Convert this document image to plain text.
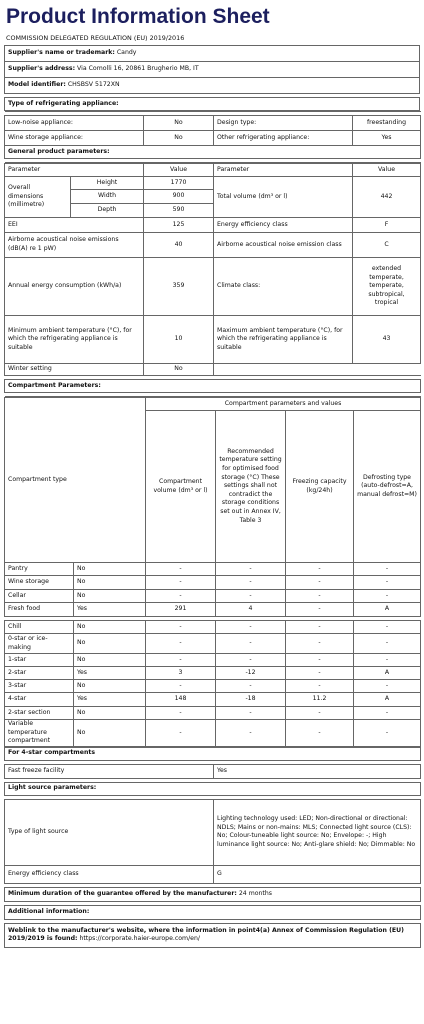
Product Information Sheet
COMMISSION DELEGATED REGULATION (EU) 2019/2016
Supplier's name or trademark: Candy
Supplier's address: Via Comolli 16, 20861 Brugherio MB, IT
Model identifier: CHSBSV 5172XN

Type of refrigerating appliance:

Low-noise appliance:	No	Design type:	freestanding
Wine storage appliance:	No	Other refrigerating appliance:	Yes
General product parameters:			

Parameter		Value	Parameter	Value
Overall dimensions (millimetre)	Height	1770	Total volume (dm³ or l)	442
	Width	900		
	Depth	590		
EEI		125	Energy efficiency class	F
Airborne acoustical noise emissions (dB(A) re 1 pW)		40	Airborne acoustical noise emission class	C
Annual energy consumption (kWh/a)		359	Climate class:	extended temperate, temperate, subtropical, tropical
Minimum ambient temperature (°C), for which the refrigerating appliance is suitable		10	Maximum ambient temperature (°C), for which the refrigerating appliance is suitable	43
Winter setting		No		

Compartment Parameters:				

Compartment type		Compartment parameters and values			
		Compartment volume (dm³ or l)	Recommended temperature setting for optimised food storage (°C) These settings shall not contradict the storage conditions set out in Annex IV, Table 3	Freezing capacity (kg/24h)	Defrosting type (auto-defrost=A, manual defrost=M)
Pantry	No	-	-	-	-
Wine storage	No	-	-	-	-
Cellar	No	-	-	-	-
Fresh food	Yes	291	4	-	A

Chill	No	-	-	-	-
0-star or ice-making	No	-	-	-	-
1-star	No	-	-	-	-
2-star	Yes	3	-12	-	A
3-star	No	-	-	-	-
4-star	Yes	148	-18	11.2	A
2-star section	No	-	-	-	-
Variable temperature compartment	No	-	-	-	-
For 4-star compartments	

Fast freeze facility	Yes

Light source parameters:	

Type of light source	Lighting technology used: LED; Non-directional or directional: NDLS; Mains or non-mains: MLS; Connected light source (CLS): No; Colour-tuneable light source: No; Envelope: -; High luminance light source: No; Anti-glare shield: No; Dimmable: No
Energy efficiency class	G

Minimum duration of the guarantee offered by the manufacturer: 24 months	

Additional information:	

Weblink to the manufacturer's website, where the information in point4(a) Annex of Commission Regulation (EU) 2019/2019 is found: https://corporate.haier-europe.com/en/	
